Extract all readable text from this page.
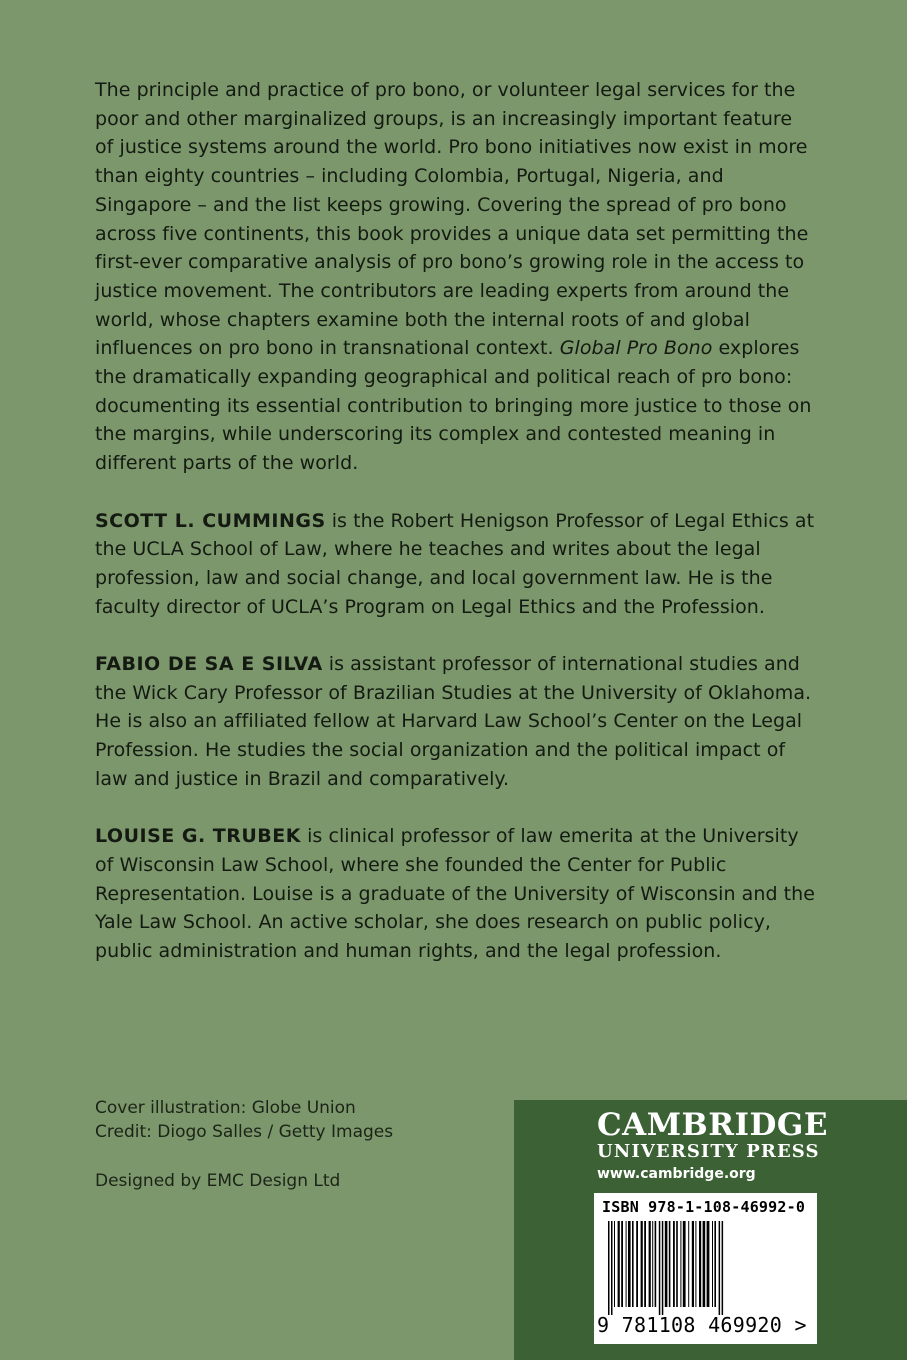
The principle and practice of pro bono, or volunteer legal services for the poor and other marginalized groups, is an increasingly important feature of justice systems around the world. Pro bono initiatives now exist in more than eighty countries – including Colombia, Portugal, Nigeria, and Singapore – and the list keeps growing. Covering the spread of pro bono across five continents, this book provides a unique data set permitting the first-ever comparative analysis of pro bono’s growing role in the access to justice movement. The contributors are leading experts from around the world, whose chapters examine both the internal roots of and global influences on pro bono in transnational context. Global Pro Bono explores the dramatically expanding geographical and political reach of pro bono: documenting its essential contribution to bringing more justice to those on the margins, while underscoring its complex and contested meaning in different parts of the world.

SCOTT L. CUMMINGS is the Robert Henigson Professor of Legal Ethics at the UCLA School of Law, where he teaches and writes about the legal profession, law and social change, and local government law. He is the faculty director of UCLA’s Program on Legal Ethics and the Profession.

FABIO DE SA E SILVA is assistant professor of international studies and the Wick Cary Professor of Brazilian Studies at the University of Oklahoma. He is also an affiliated fellow at Harvard Law School’s Center on the Legal Profession. He studies the social organization and the political impact of law and justice in Brazil and comparatively.

LOUISE G. TRUBEK is clinical professor of law emerita at the University of Wisconsin Law School, where she founded the Center for Public Representation. Louise is a graduate of the University of Wisconsin and the Yale Law School. An active scholar, she does research on public policy, public administration and human rights, and the legal profession.

Cover illustration: Globe Union
Credit: Diogo Salles / Getty Images
Designed by EMC Design Ltd
CAMBRIDGE
UNIVERSITY PRESS
www.cambridge.org
ISBN 978-1-108-46992-0
9 781108 469920 >
